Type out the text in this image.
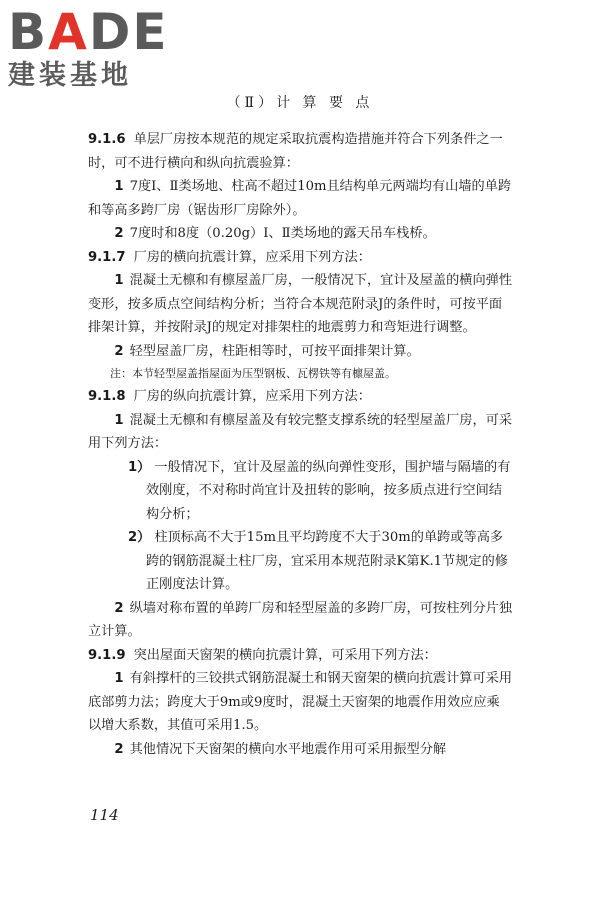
BADE
建装基地
（Ⅱ）计 算 要 点

9.1.6 单层厂房按本规范的规定采取抗震构造措施并符合下列条件之一时，可不进行横向和纵向抗震验算：

1 7度Ⅰ、Ⅱ类场地、柱高不超过10m且结构单元两端均有山墙的单跨和等高多跨厂房（锯齿形厂房除外）。

2 7度时和8度（0.20g）Ⅰ、Ⅱ类场地的露天吊车栈桥。

9.1.7 厂房的横向抗震计算，应采用下列方法：

1 混凝土无檩和有檩屋盖厂房，一般情况下，宜计及屋盖的横向弹性变形，按多质点空间结构分析；当符合本规范附录J的条件时，可按平面排架计算，并按附录J的规定对排架柱的地震剪力和弯矩进行调整。

2 轻型屋盖厂房，柱距相等时，可按平面排架计算。

注：本节轻型屋盖指屋面为压型钢板、瓦楞铁等有檩屋盖。

9.1.8 厂房的纵向抗震计算，应采用下列方法：

1 混凝土无檩和有檩屋盖及有较完整支撑系统的轻型屋盖厂房，可采用下列方法：

1） 一般情况下，宜计及屋盖的纵向弹性变形，围护墙与隔墙的有效刚度，不对称时尚宜计及扭转的影响，按多质点进行空间结构分析；

2） 柱顶标高不大于15m且平均跨度不大于30m的单跨或等高多跨的钢筋混凝土柱厂房，宜采用本规范附录K第K.1节规定的修正刚度法计算。

2 纵墙对称布置的单跨厂房和轻型屋盖的多跨厂房，可按柱列分片独立计算。

9.1.9 突出屋面天窗架的横向抗震计算，可采用下列方法：

1 有斜撑杆的三铰拱式钢筋混凝土和钢天窗架的横向抗震计算可采用底部剪力法；跨度大于9m或9度时，混凝土天窗架的地震作用效应应乘以增大系数，其值可采用1.5。

2 其他情况下天窗架的横向水平地震作用可采用振型分解

114
